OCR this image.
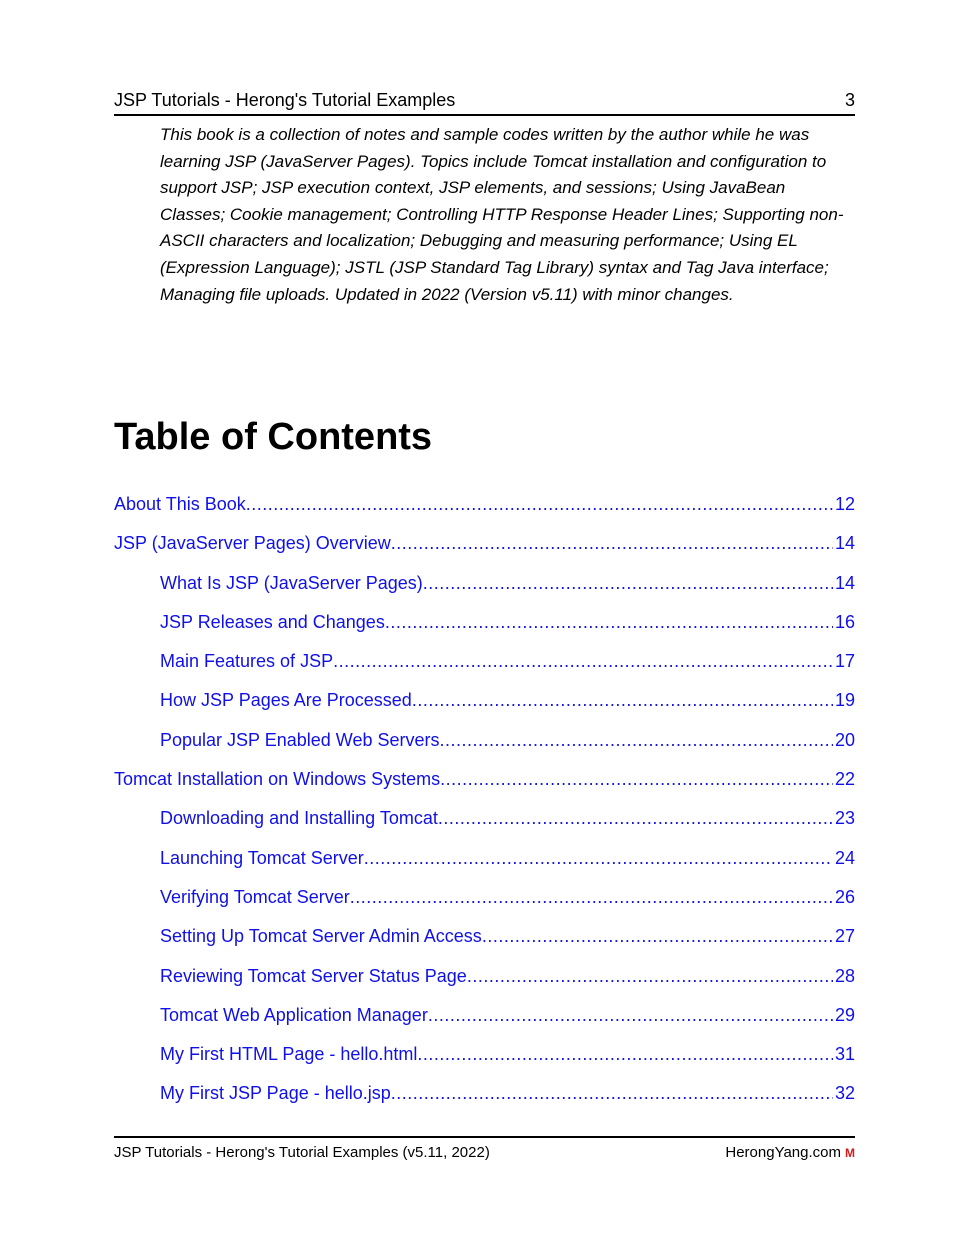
JSP Tutorials - Herong's Tutorial Examples	3

This book is a collection of notes and sample codes written by the author while he was learning JSP (JavaServer Pages). Topics include Tomcat installation and configuration to support JSP; JSP execution context, JSP elements, and sessions; Using JavaBean Classes; Cookie management; Controlling HTTP Response Header Lines; Supporting non-ASCII characters and localization; Debugging and measuring performance; Using EL (Expression Language); JSTL (JSP Standard Tag Library) syntax and Tag Java interface; Managing file uploads. Updated in 2022 (Version v5.11) with minor changes.

Table of Contents
About This Book .....	12
JSP (JavaServer Pages) Overview .....	14
What Is JSP (JavaServer Pages) .....	14
JSP Releases and Changes .....	16
Main Features of JSP .....	17
How JSP Pages Are Processed .....	19
Popular JSP Enabled Web Servers .....	20
Tomcat Installation on Windows Systems .....	22
Downloading and Installing Tomcat .....	23
Launching Tomcat Server .....	24
Verifying Tomcat Server .....	26
Setting Up Tomcat Server Admin Access .....	27
Reviewing Tomcat Server Status Page .....	28
Tomcat Web Application Manager .....	29
My First HTML Page - hello.html .....	31
My First JSP Page - hello.jsp .....	32
JSP Tutorials - Herong's Tutorial Examples (v5.11, 2022)	HerongYang.com M
